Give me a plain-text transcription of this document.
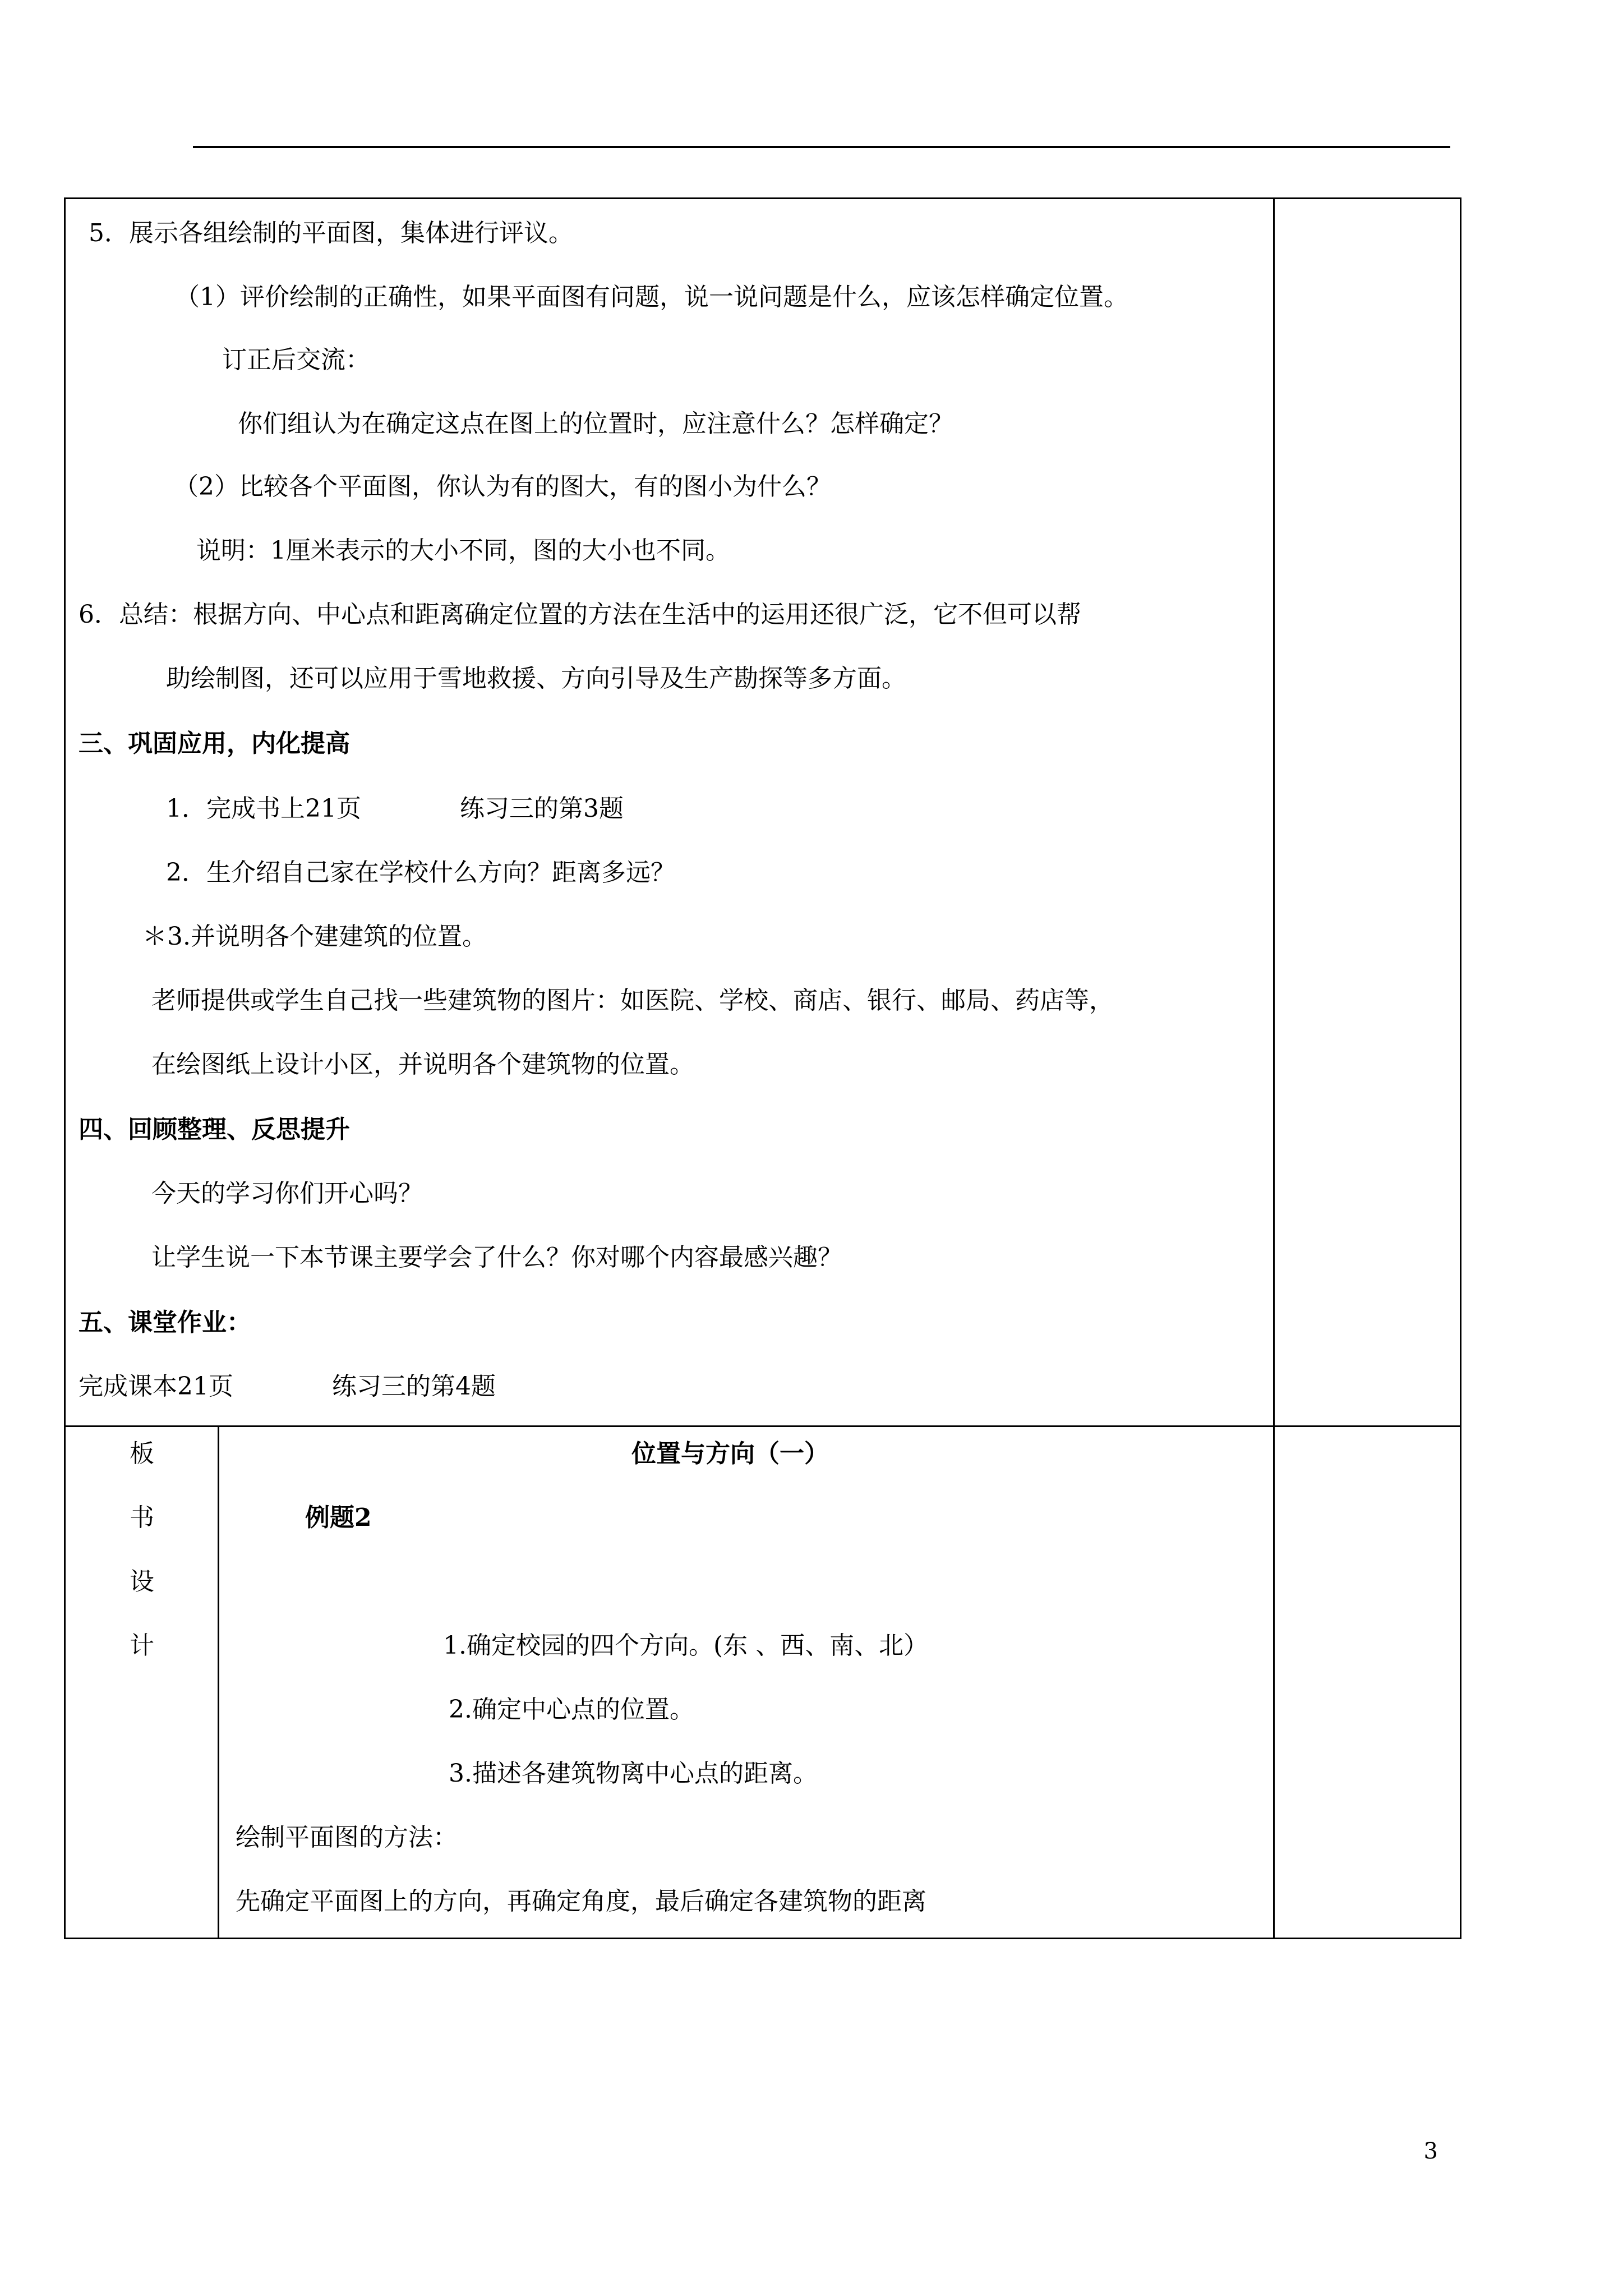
5．展示各组绘制的平面图，集体进行评议。
（1）评价绘制的正确性，如果平面图有问题，说一说问题是什么，应该怎样确定位置。
订正后交流：
你们组认为在确定这点在图上的位置时，应注意什么？怎样确定？
（2）比较各个平面图，你认为有的图大，有的图小为什么？
说明：1厘米表示的大小不同，图的大小也不同。
6．总结：根据方向、中心点和距离确定位置的方法在生活中的运用还很广泛，它不但可以帮
助绘制图，还可以应用于雪地救援、方向引导及生产勘探等多方面。
三、巩固应用，内化提高
1．完成书上21页　　　　练习三的第3题
2．生介绍自己家在学校什么方向？距离多远？
＊3.并说明各个建建筑的位置。
老师提供或学生自己找一些建筑物的图片：如医院、学校、商店、银行、邮局、药店等，
在绘图纸上设计小区，并说明各个建筑物的位置。
四、回顾整理、反思提升
今天的学习你们开心吗？
让学生说一下本节课主要学会了什么？你对哪个内容最感兴趣？
五、课堂作业：
完成课本21页　　　　练习三的第4题
板
书
设
计
位置与方向（一）
例题2
1.确定校园的四个方向。(东 、西、南、北）
2.确定中心点的位置。
3.描述各建筑物离中心点的距离。
绘制平面图的方法：
先确定平面图上的方向，再确定角度，最后确定各建筑物的距离
3
